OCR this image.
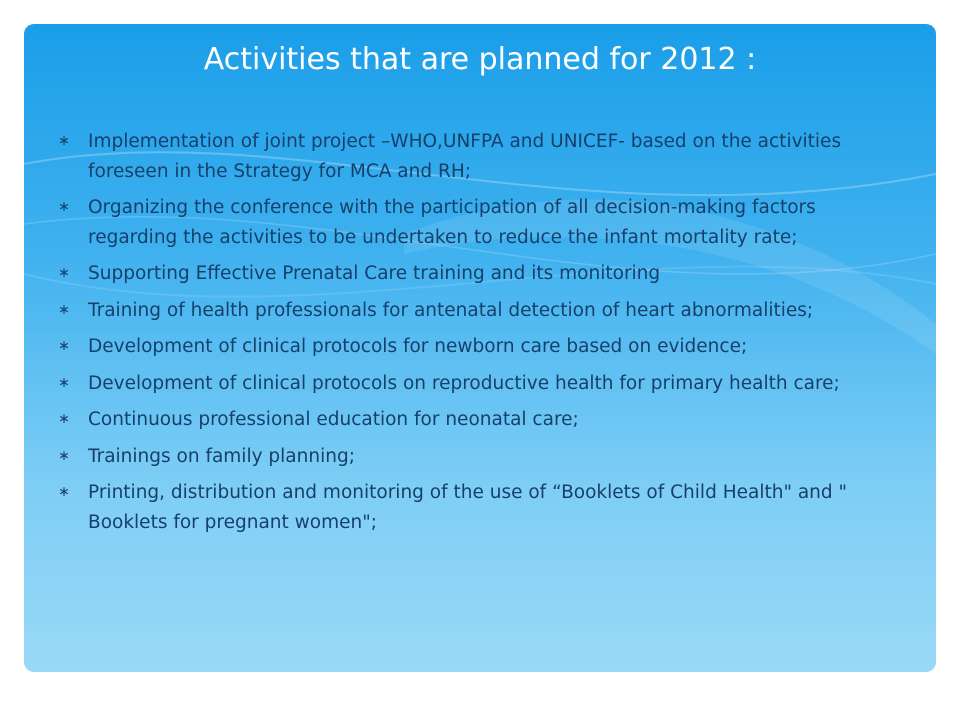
Activities that are planned for 2012 :
∗ Implementation of joint project –WHO,UNFPA and UNICEF- based on the activities foreseen in the Strategy for MCA and RH;
∗ Organizing the conference with the participation of all decision-making factors regarding the activities to be undertaken to reduce the infant mortality rate;
∗ Supporting Effective Prenatal Care training and its monitoring
∗ Training of health professionals for antenatal detection of heart abnormalities;
∗ Development of clinical protocols for newborn care based on evidence;
∗ Development of clinical protocols on reproductive health for primary health care;
∗ Continuous professional education for neonatal care;
∗ Trainings on family planning;
∗ Printing, distribution and monitoring of the use of “Booklets of Child Health" and " Booklets for pregnant women";
